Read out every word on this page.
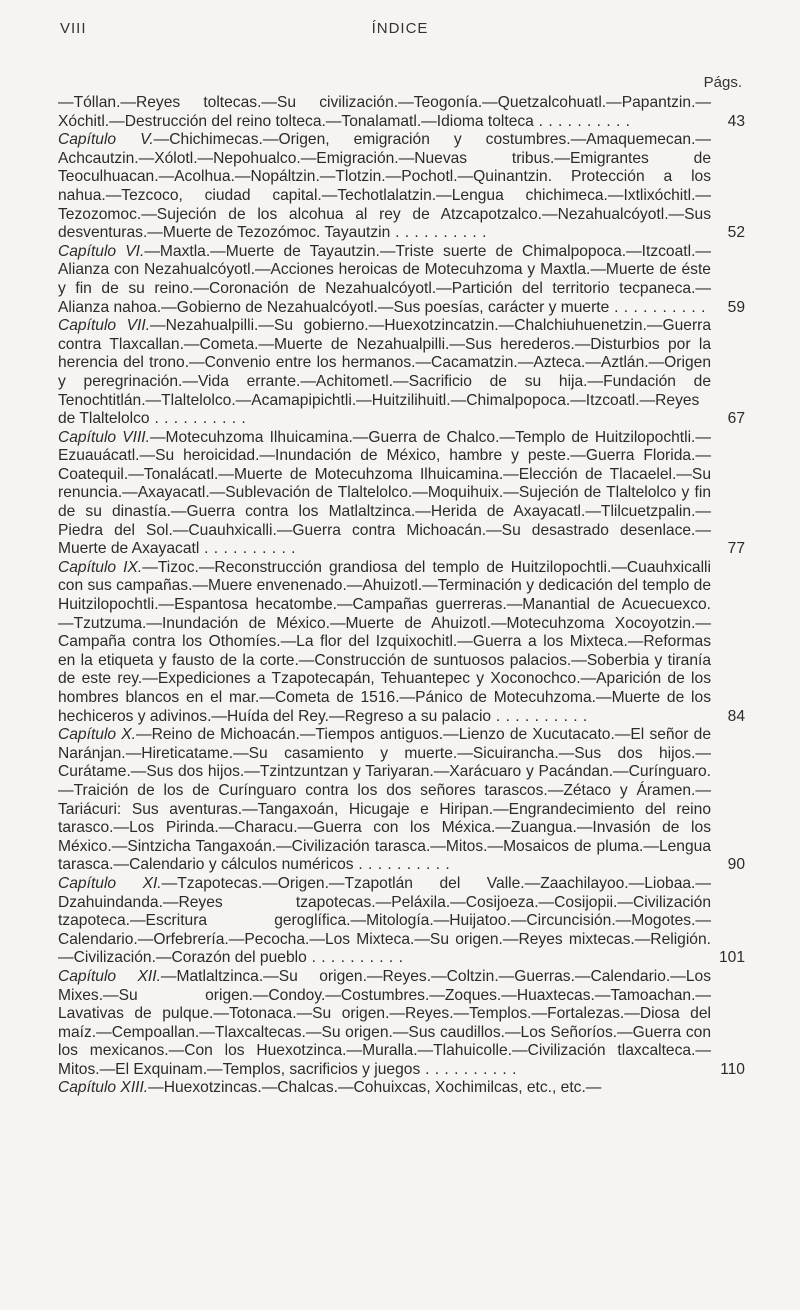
VIII	ÍNDICE
Págs.
—Tóllan.—Reyes toltecas.—Su civilización.—Teogonía.—Quetzalcohuatl.—Papantzin.—Xóchitl.—Destrucción del reino tolteca.—Tonalamatl.—Idioma tolteca . . . . . . . . . .	43
Capítulo V.—Chichimecas.—Origen, emigración y costumbres.—Amaquemecan.—Achcautzin.—Xólotl.—Nepohualco.—Emigración.—Nuevas tribus.—Emigrantes de Teoculhuacan.—Acolhua.—Nopáltzin.—Tlotzin.—Pochotl.—Quinantzin. Protección a los nahua.—Tezcoco, ciudad capital.—Techotlalatzin.—Lengua chichimeca.—Ixtlixóchitl.—Tezozomoc.—Sujeción de los alcohua al rey de Atzcapotzalco.—Nezahualcóyotl.—Sus desventuras.—Muerte de Tezozómoc. Tayautzin . . . . . . . . . .	52
Capítulo VI.—Maxtla.—Muerte de Tayautzin.—Triste suerte de Chimalpopoca.—Itzcoatl.—Alianza con Nezahualcóyotl.—Acciones heroicas de Motecuhzoma y Maxtla.—Muerte de éste y fin de su reino.—Coronación de Nezahualcóyotl.—Partición del territorio tecpaneca.—Alianza nahoa.—Gobierno de Nezahualcóyotl.—Sus poesías, carácter y muerte . . . . . . . . . . 59
Capítulo VII.—Nezahualpilli.—Su gobierno.—Huexotzincatzin.—Chalchiuhuenetzin.—Guerra contra Tlaxcallan.—Cometa.—Muerte de Nezahualpilli.—Sus herederos.—Disturbios por la herencia del trono.—Convenio entre los hermanos.—Cacamatzin.—Azteca.—Aztlán.—Origen y peregrinación.—Vida errante.—Achitometl.—Sacrificio de su hija.—Fundación de Tenochtitlán.—Tlaltelolco.—Acamapipichtli.—Huitzilihuitl.—Chimalpopoca.—Itzcoatl.—Reyes de Tlaltelolco . . . . . . . . . .	67
Capítulo VIII.—Motecuhzoma Ilhuicamina.—Guerra de Chalco.—Templo de Huitzilopochtli.—Ezuauácatl.—Su heroicidad.—Inundación de México, hambre y peste.—Guerra Florida.—Coatequil.—Tonalácatl.—Muerte de Motecuhzoma Ilhuicamina.—Elección de Tlacaelel.—Su renuncia.—Axayacatl.—Sublevación de Tlaltelolco.—Moquihuix.—Sujeción de Tlaltelolco y fin de su dinastía.—Guerra contra los Matlaltzinca.—Herida de Axayacatl.—Tlilcuetzpalin.—Piedra del Sol.—Cuauhxicalli.—Guerra contra Michoacán.—Su desastrado desenlace.—Muerte de Axayacatl . . . . . . . . . .	77
Capítulo IX.—Tizoc.—Reconstrucción grandiosa del templo de Huitzilopochtli.—Cuauhxicalli con sus campañas.—Muere envenenado.—Ahuizotl.—Terminación y dedicación del templo de Huitzilopochtli.—Espantosa hecatombe.—Campañas guerreras.—Manantial de Acuecuexco.—Tzutzuma.—Inundación de México.—Muerte de Ahuizotl.—Motecuhzoma Xocoyotzin.—Campaña contra los Othomíes.—La flor del Izquixochitl.—Guerra a los Mixteca.—Reformas en la etiqueta y fausto de la corte.—Construcción de suntuosos palacios.—Soberbia y tiranía de este rey.—Expediciones a Tzapotecapán, Tehuantepec y Xoconochco.—Aparición de los hombres blancos en el mar.—Cometa de 1516.—Pánico de Motecuhzoma.—Muerte de los hechiceros y adivinos.—Huída del Rey.—Regreso a su palacio . . . . . . . . . .	84
Capítulo X.—Reino de Michoacán.—Tiempos antiguos.—Lienzo de Xucutacato.—El señor de Naránjan.—Hireticatame.—Su casamiento y muerte.—Sicuirancha.—Sus dos hijos.—Curátame.—Sus dos hijos.—Tzintzuntzan y Tariyaran.—Xarácuaro y Pacándan.—Curínguaro.—Traición de los de Curínguaro contra los dos señores tarascos.—Zétaco y Áramen.—Tariácuri: Sus aventuras.—Tangaxoán, Hicugaje e Hiripan.—Engrandecimiento del reino tarasco.—Los Pirinda.—Characu.—Guerra con los Méxica.—Zuangua.—Invasión de los México.—Sintzicha Tangaxoán.—Civilización tarasca.—Mitos.—Mosaicos de pluma.—Lengua tarasca.—Calendario y cálculos numéricos . . . . . . . . . .	90
Capítulo XI.—Tzapotecas.—Origen.—Tzapotlán del Valle.—Zaachilayoo.—Liobaa.—Dzahuindanda.—Reyes tzapotecas.—Peláxila.—Cosijoeza.—Cosijopii.—Civilización tzapoteca.—Escritura geroglífica.—Mitología.—Huijatoo.—Circuncisión.—Mogotes.—Calendario.—Orfebrería.—Pecocha.—Los Mixteca.—Su origen.—Reyes mixtecas.—Religión.—Civilización.—Corazón del pueblo . . . . . . . . . .	101
Capítulo XII.—Matlaltzinca.—Su origen.—Reyes.—Coltzin.—Guerras.—Calendario.—Los Mixes.—Su origen.—Condoy.—Costumbres.—Zoques.—Huaxtecas.—Tamoachan.—Lavativas de pulque.—Totonaca.—Su origen.—Reyes.—Templos.—Fortalezas.—Diosa del maíz.—Cempoallan.—Tlaxcaltecas.—Su origen.—Sus caudillos.—Los Señoríos.—Guerra con los mexicanos.—Con los Huexotzinca.—Muralla.—Tlahuicolle.—Civilización tlaxcalteca.—Mitos.—El Exquinam.—Templos, sacrificios y juegos . . . . . . . . . .	110
Capítulo XIII.—Huexotzincas.—Chalcas.—Cohuixcas, Xochimilcas, etc., etc.—
